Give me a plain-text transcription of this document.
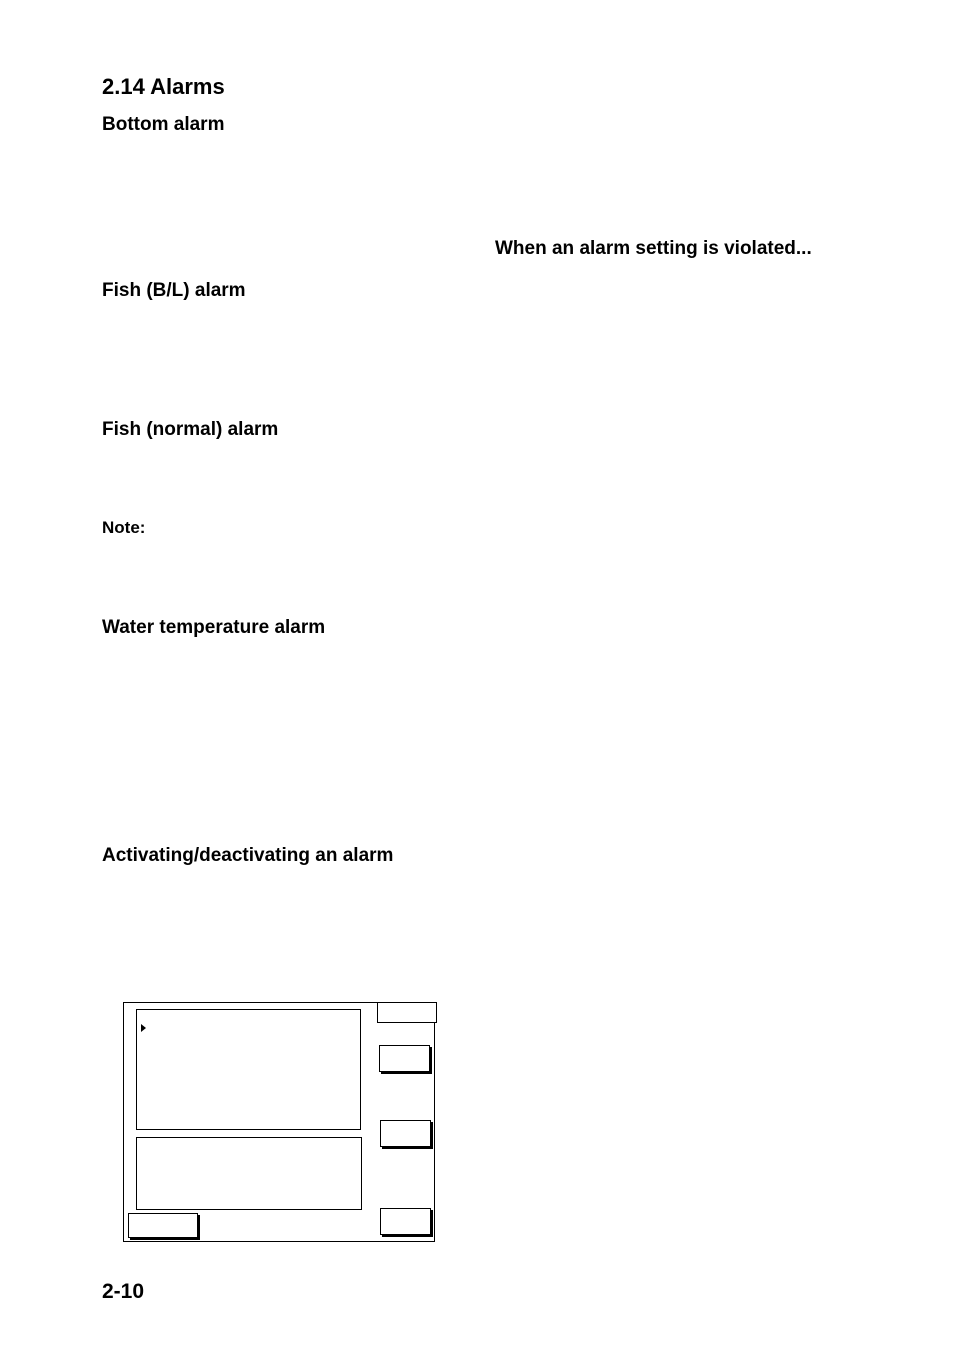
2.14 Alarms
Bottom alarm
When an alarm setting is violated...
Fish (B/L) alarm
Fish (normal) alarm
Note:
Water temperature alarm
Activating/deactivating an alarm
2-10
